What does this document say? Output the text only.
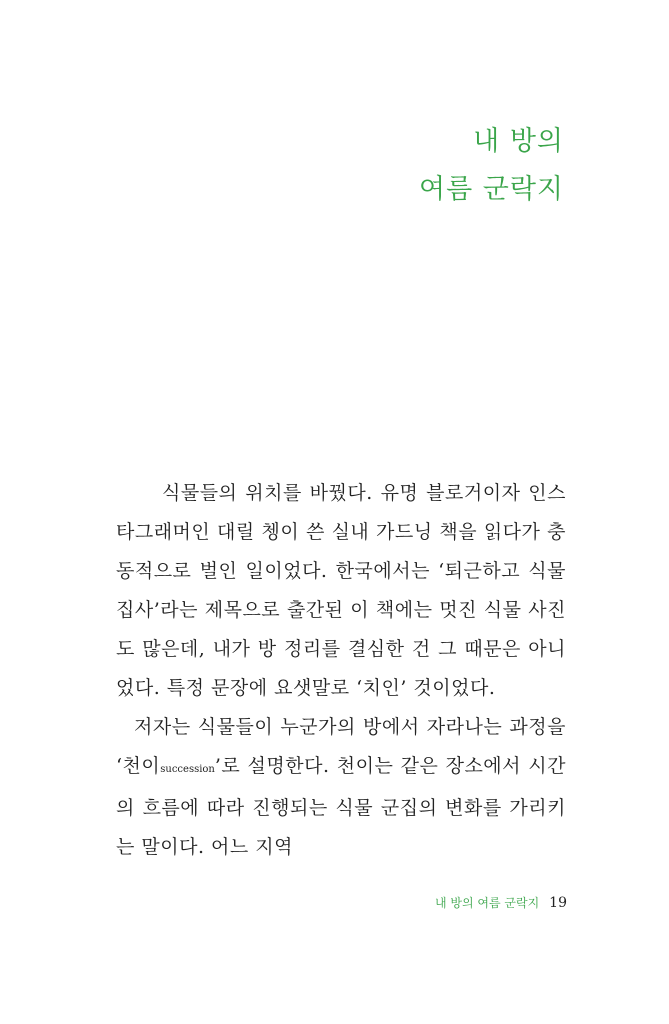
내 방의
여름 군락지

식물들의 위치를 바꿨다. 유명 블로거이자 인스타그래머인 대릴 쳉이 쓴 실내 가드닝 책을 읽다가 충동적으로 벌인 일이었다. 한국에서는 ‘퇴근하고 식물집사’라는 제목으로 출간된 이 책에는 멋진 식물 사진도 많은데, 내가 방 정리를 결심한 건 그 때문은 아니었다. 특정 문장에 요샛말로 ‘치인’ 것이었다.

저자는 식물들이 누군가의 방에서 자라나는 과정을 ‘천이succession’로 설명한다. 천이는 같은 장소에서 시간의 흐름에 따라 진행되는 식물 군집의 변화를 가리키는 말이다. 어느 지역

내 방의 여름 군락지 19
